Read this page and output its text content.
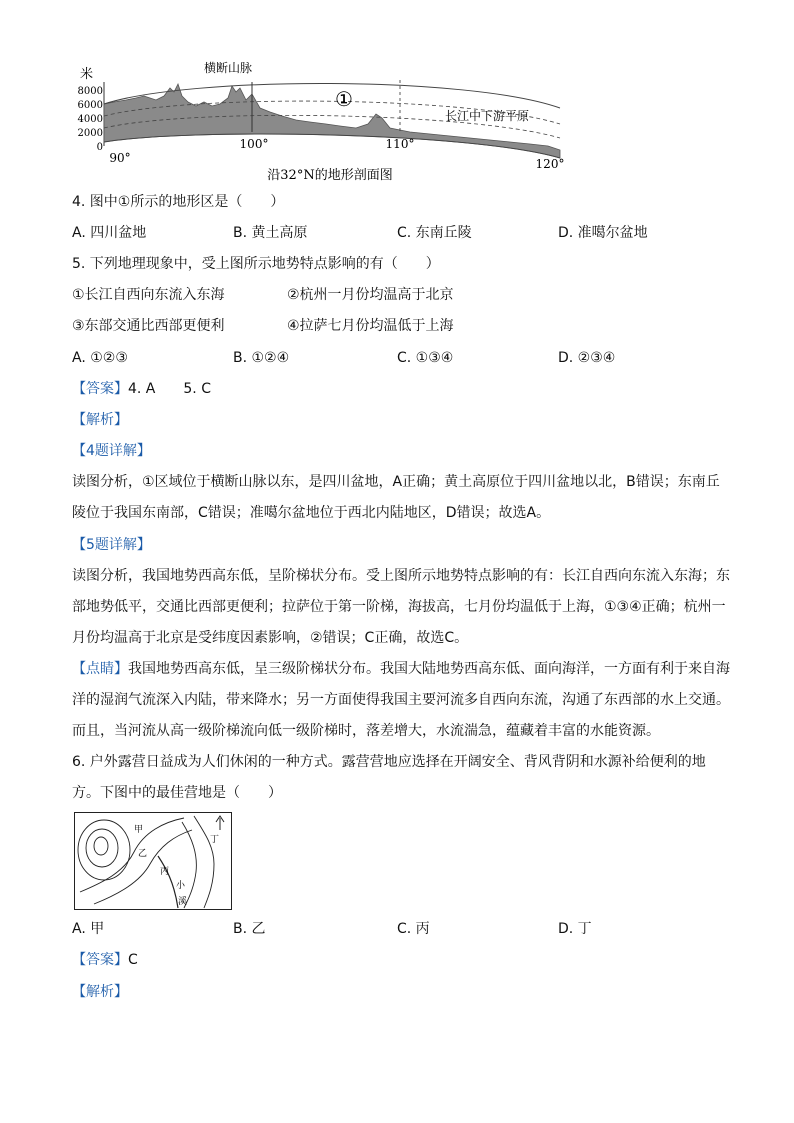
米
8000
6000
4000
2000
0
横断山脉
①
长江中下游平原
90°
100°	110°
120°
沿32°N的地形剖面图
4. 图中①所示的地形区是（　　）
A. 四川盆地	B. 黄土高原	C. 东南丘陵	D. 准噶尔盆地
5. 下列地理现象中，受上图所示地势特点影响的有（　　）
①长江自西向东流入东海	②杭州一月份均温高于北京
③东部交通比西部更便利	④拉萨七月份均温低于上海
A. ①②③	B. ①②④	C. ①③④	D. ②③④
【答案】4. A　　5. C
【解析】
【4题详解】
读图分析，①区域位于横断山脉以东，是四川盆地，A正确；黄土高原位于四川盆地以北，B错误；东南丘陵位于我国东南部，C错误；准噶尔盆地位于西北内陆地区，D错误；故选A。
【5题详解】
读图分析，我国地势西高东低，呈阶梯状分布。受上图所示地势特点影响的有：长江自西向东流入东海；东部地势低平，交通比西部更便利；拉萨位于第一阶梯，海拔高，七月份均温低于上海，①③④正确；杭州一月份均温高于北京是受纬度因素影响，②错误；C正确，故选C。
【点睛】我国地势西高东低，呈三级阶梯状分布。我国大陆地势西高东低、面向海洋，一方面有利于来自海洋的湿润气流深入内陆，带来降水；另一方面使得我国主要河流多自西向东流，沟通了东西部的水上交通。而且，当河流从高一级阶梯流向低一级阶梯时，落差增大，水流湍急，蕴藏着丰富的水能资源。
6. 户外露营日益成为人们休闲的一种方式。露营营地应选择在开阔安全、背风背阴和水源补给便利的地方。下图中的最佳营地是（　　）
甲
乙
丙
丁
小
溪
A. 甲	B. 乙	C. 丙	D. 丁
【答案】C
【解析】
